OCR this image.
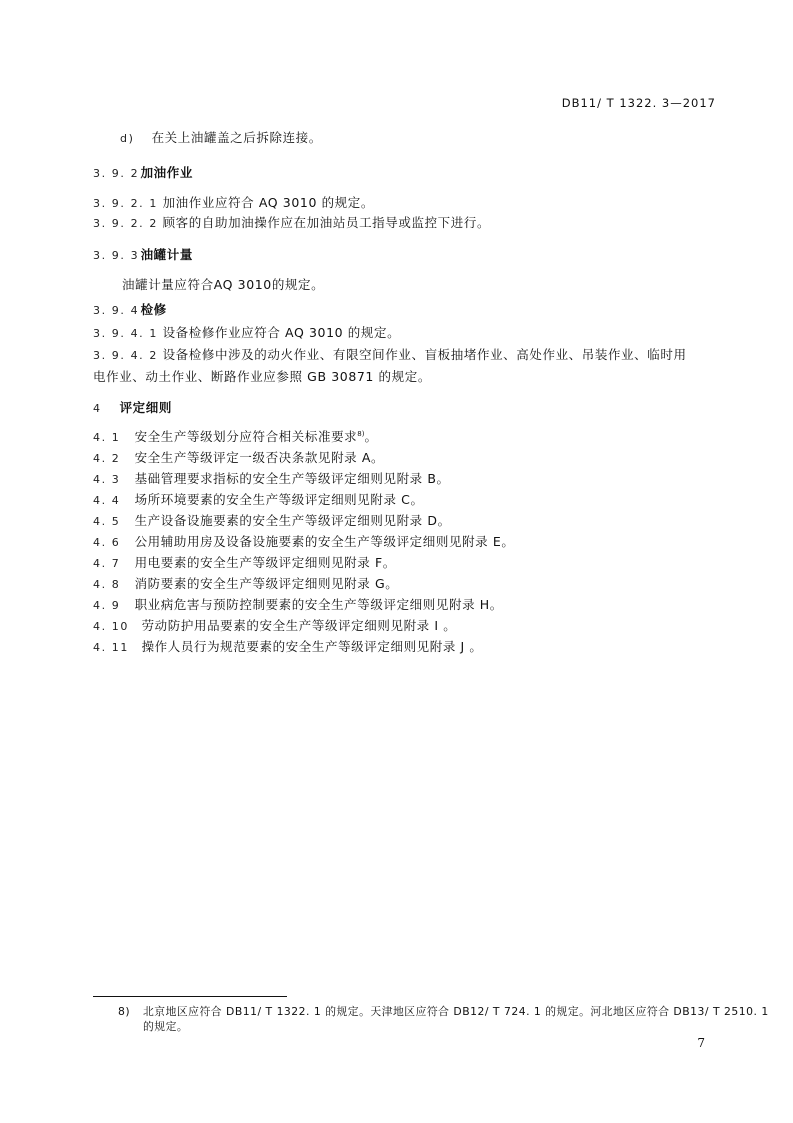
DB11/ T 1322. 3—2017
d) 在关上油罐盖之后拆除连接。
3. 9. 2 加油作业
3. 9. 2. 1 加油作业应符合 AQ 3010 的规定。
3. 9. 2. 2 顾客的自助加油操作应在加油站员工指导或监控下进行。
3. 9. 3 油罐计量
油罐计量应符合AQ 3010的规定。
3. 9. 4 检修
3. 9. 4. 1 设备检修作业应符合 AQ 3010 的规定。
3. 9. 4. 2 设备检修中涉及的动火作业、有限空间作业、盲板抽堵作业、高处作业、吊装作业、临时用
电作业、动土作业、断路作业应参照 GB 30871 的规定。
4 评定细则
4. 1 安全生产等级划分应符合相关标准要求$^{8)}$。
4. 2 安全生产等级评定一级否决条款见附录 A。
4. 3 基础管理要求指标的安全生产等级评定细则见附录 B。
4. 4 场所环境要素的安全生产等级评定细则见附录 C。
4. 5 生产设备设施要素的安全生产等级评定细则见附录 D。
4. 6 公用辅助用房及设备设施要素的安全生产等级评定细则见附录 E。
4. 7 用电要素的安全生产等级评定细则见附录 F。
4. 8 消防要素的安全生产等级评定细则见附录 G。
4. 9 职业病危害与预防控制要素的安全生产等级评定细则见附录 H。
4. 10 劳动防护用品要素的安全生产等级评定细则见附录 I 。
4. 11 操作人员行为规范要素的安全生产等级评定细则见附录 J 。
8) 北京地区应符合 DB11/ T 1322. 1 的规定。天津地区应符合 DB12/ T 724. 1 的规定。河北地区应符合 DB13/ T 2510. 1
的规定。
7
